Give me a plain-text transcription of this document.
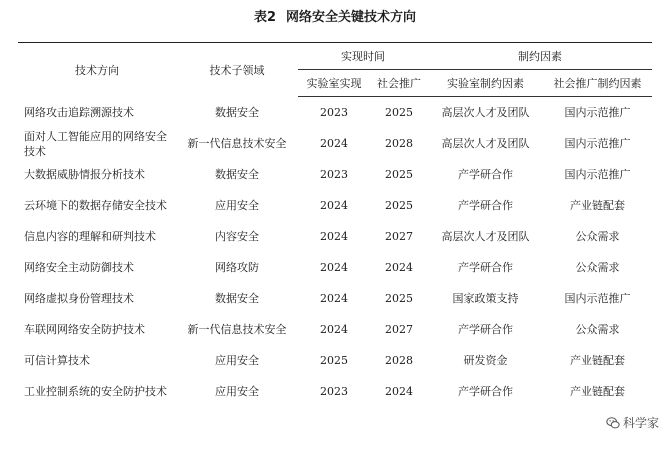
表2 网络安全关键技术方向
技术方向	技术子领域	实现时间		制约因素	
		实验室实现	社会推广	实验室制约因素	社会推广制约因素
网络攻击追踪溯源技术	数据安全	2023	2025	高层次人才及团队	国内示范推广
面对人工智能应用的网络安全技术	新一代信息技术安全	2024	2028	高层次人才及团队	国内示范推广
大数据威胁情报分析技术	数据安全	2023	2025	产学研合作	国内示范推广
云环境下的数据存储安全技术	应用安全	2024	2025	产学研合作	产业链配套
信息内容的理解和研判技术	内容安全	2024	2027	高层次人才及团队	公众需求
网络安全主动防御技术	网络攻防	2024	2024	产学研合作	公众需求
网络虚拟身份管理技术	数据安全	2024	2025	国家政策支持	国内示范推广
车联网网络安全防护技术	新一代信息技术安全	2024	2027	产学研合作	公众需求
可信计算技术	应用安全	2025	2028	研发资金	产业链配套
工业控制系统的安全防护技术	应用安全	2023	2024	产学研合作	产业链配套
科学家
